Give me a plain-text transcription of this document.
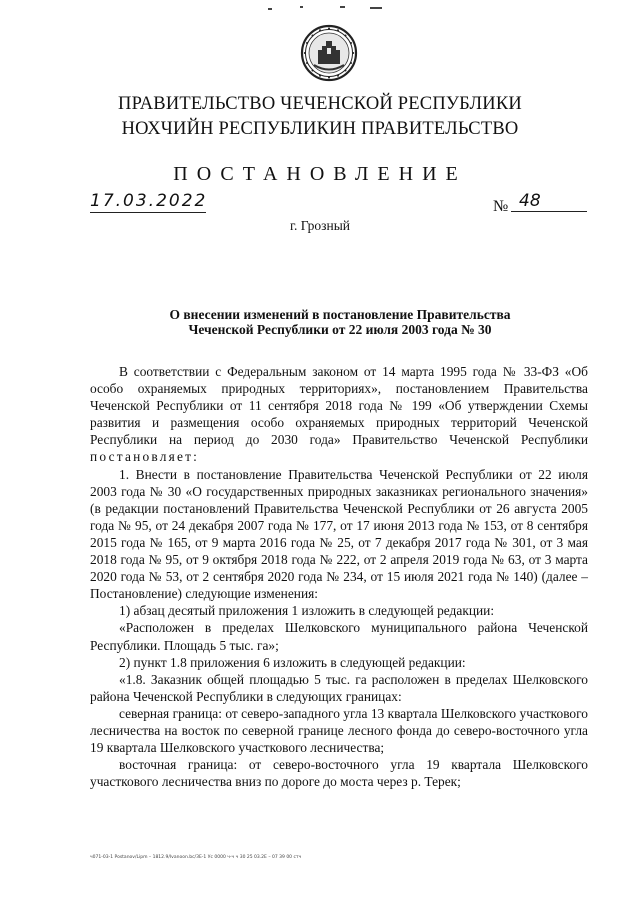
ПРАВИТЕЛЬСТВО ЧЕЧЕНСКОЙ РЕСПУБЛИКИ
НОХЧИЙН РЕСПУБЛИКИН ПРАВИТЕЛЬСТВО
ПОСТАНОВЛЕНИЕ
17.03.2022	№ 48
г. Грозный
О внесении изменений в постановление Правительства
Чеченской Республики от 22 июля 2003 года № 30

В соответствии с Федеральным законом от 14 марта 1995 года № 33-ФЗ «Об особо охраняемых природных территориях», постановлением Правительства Чеченской Республики от 11 сентября 2018 года № 199 «Об утверждении Схемы развития и размещения особо охраняемых природных территорий Чеченской Республики на период до 2030 года» Правительство Чеченской Республики постановляет:

1. Внести в постановление Правительства Чеченской Республики от 22 июля 2003 года № 30 «О государственных природных заказниках регионального значения» (в редакции постановлений Правительства Чеченской Республики от 26 августа 2005 года № 95, от 24 декабря 2007 года № 177, от 17 июня 2013 года № 153, от 8 сентября 2015 года № 165, от 9 марта 2016 года № 25, от 7 декабря 2017 года № 301, от 3 мая 2018 года № 95, от 9 октября 2018 года № 222, от 2 апреля 2019 года № 63, от 3 марта 2020 года № 53, от 2 сентября 2020 года № 234, от 15 июля 2021 года № 140) (далее – Постановление) следующие изменения:

1) абзац десятый приложения 1 изложить в следующей редакции:

«Расположен в пределах Шелковского муниципального района Чеченской Республики. Площадь 5 тыс. га»;

2) пункт 1.8 приложения 6 изложить в следующей редакции:

«1.8. Заказник общей площадью 5 тыс. га расположен в пределах Шелковского района Чеченской Республики в следующих границах:

северная граница: от северо-западного угла 13 квартала Шелковского участкового лесничества на восток по северной границе лесного фонда до северо-восточного угла 19 квартала Шелковского участкового лесничества;

восточная граница: от северо-восточного угла 19 квартала Шелковского участкового лесничества вниз по дороге до моста через р. Терек;

ч071-03-1 Postanov/Lipm – 1812.9/Ivanoon.bc/ЗЕ-1 Ус 0000 ч-ч ч 30 25 03.2Е – 07 39 00 стч
